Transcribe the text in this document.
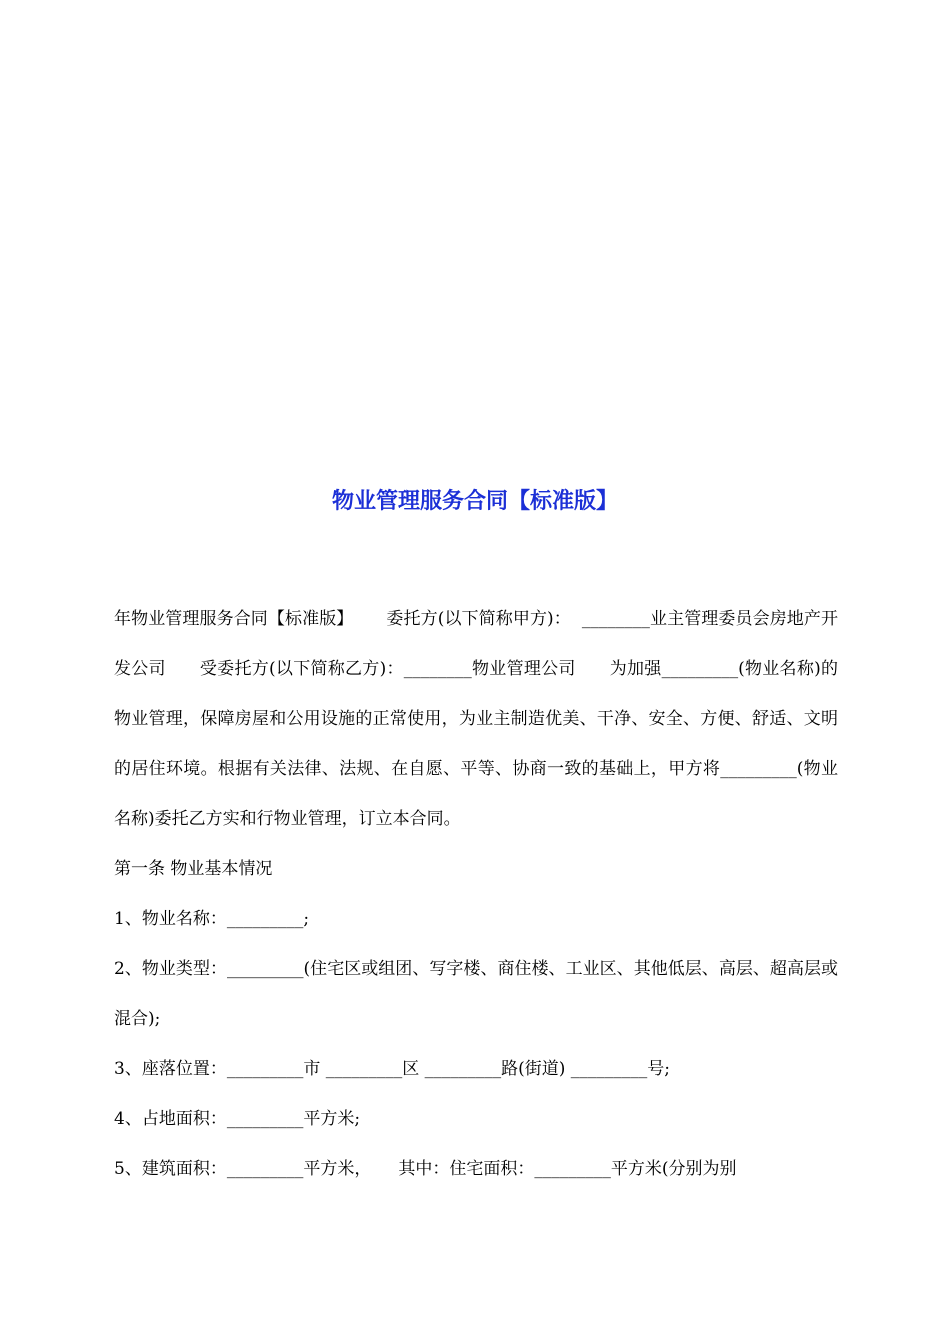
物业管理服务合同【标准版】

年物业管理服务合同【标准版】      委托方(以下简称甲方)：  ________业主管理委员会房地产开发公司      受委托方(以下简称乙方)：________物业管理公司      为加强_________(物业名称)的物业管理，保障房屋和公用设施的正常使用，为业主制造优美、干净、安全、方便、舒适、文明的居住环境。根据有关法律、法规、在自愿、平等、协商一致的基础上，甲方将_________(物业名称)委托乙方实和行物业管理，订立本合同。

第一条 物业基本情况

1、物业名称：_________;

2、物业类型：_________(住宅区或组团、写字楼、商住楼、工业区、其他低层、高层、超高层或混合);

3、座落位置：_________市 _________区 _________路(街道) _________号;

4、占地面积：_________平方米;

5、建筑面积：_________平方米，     其中：住宅面积：_________平方米(分别为别
